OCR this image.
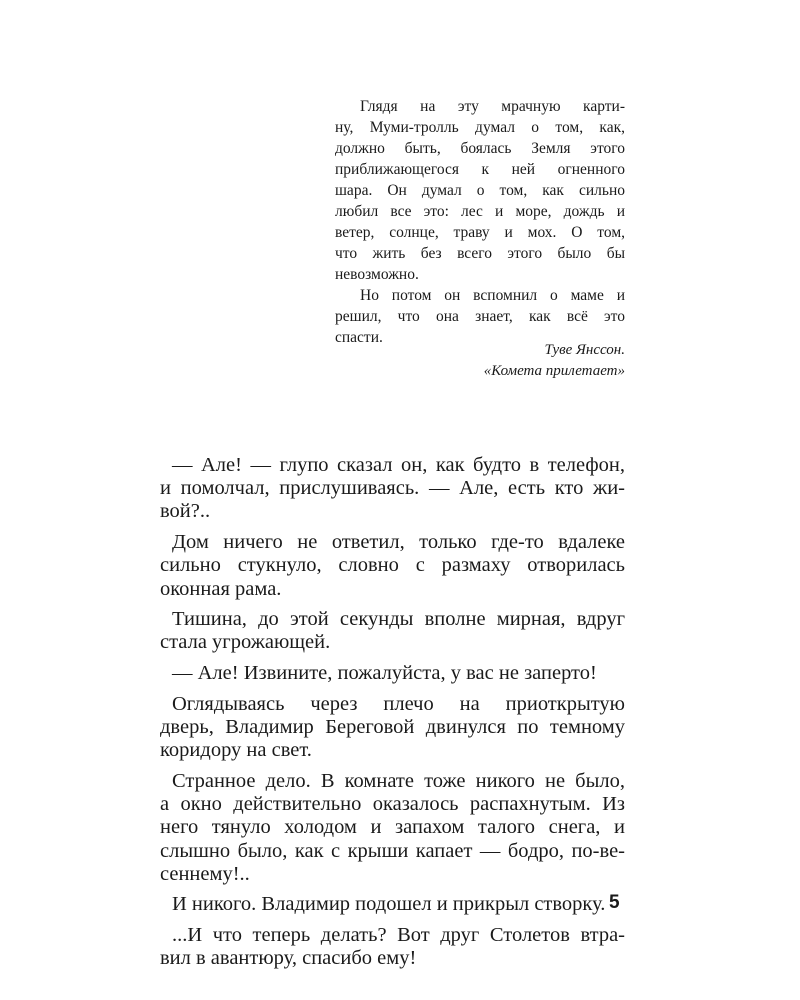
Глядя на эту мрачную карти-
ну, Муми-тролль думал о том, как,
должно быть, боялась Земля этого
приближающегося к ней огненного
шара. Он думал о том, как сильно
любил все это: лес и море, дождь и
ветер, солнце, траву и мох. О том,
что жить без всего этого было бы
невозможно.
Но потом он вспомнил о маме и
решил, что она знает, как всё это
спасти.
Туве Янссон.
«Комета прилетает»
— Але! — глупо сказал он, как будто в телефон,
и помолчал, прислушиваясь. — Але, есть кто жи-
вой?..
Дом ничего не ответил, только где-то вдалеке
сильно стукнуло, словно с размаху отворилась
оконная рама.
Тишина, до этой секунды вполне мирная, вдруг
стала угрожающей.
— Але! Извините, пожалуйста, у вас не заперто!
Оглядываясь через плечо на приоткрытую
дверь, Владимир Береговой двинулся по темному
коридору на свет.
Странное дело. В комнате тоже никого не было,
а окно действительно оказалось распахнутым. Из
него тянуло холодом и запахом талого снега, и
слышно было, как с крыши капает — бодро, по-ве-
сеннему!..
И никого. Владимир подошел и прикрыл створку.
...И что теперь делать? Вот друг Столетов втра-
вил в авантюру, спасибо ему!
5
